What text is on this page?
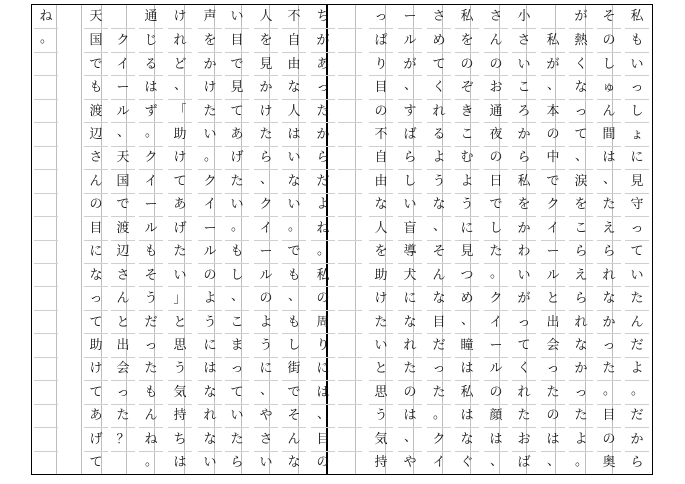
私
も
い
っ
し
ょ
に
見
守
っ
て
い
た
ん
だ
よ
。
だ
か
ら
そ
の
し
ゅ
ん
間
は
、
た
え
ら
れ
な
か
っ
た
。
目
の
奥
が
熱
く
な
っ
て
、
涙
を
こ
ら
え
ら
れ
な
か
っ
た
よ
。

私
が
、
本
の
中
で
ク
イ
ー
ル
と
出
会
っ
た
の
は
、
小
さ
い
こ
ろ
か
ら
私
を
か
わ
い
が
っ
て
く
れ
た
お
ば
さ
ん
の
お
通
夜
の
日
で
し
た
。
ク
イ
ー
ル
の
顔
は
、
私
を
の
ぞ
き
こ
む
よ
う
に
見
つ
め
、
瞳
は
私
は
な
ぐ
さ
め
て
く
れ
る
よ
う
な
、
そ
ん
な
目
だ
っ
た
。
ク
イ
ー
ル
が
、
す
ば
ら
し
い
盲
導
犬
に
な
れ
た
の
は
、
や
っ
ぱ
り
目
の
不
自
由
な
人
を
助
け
た
い
と
思
う
気
持
ち
が
あ
っ
た
か
ら
だ
よ
ね
。
私
の
周
り
に
は
、
目
の
不
自
由
な
人
は
い
な
い
。
で
も
、
も
し
街
で
そ
ん
な
人
を
見
か
け
た
ら
、
ク
イ
ー
ル
の
よ
う
に
、
や
さ
い
い
目
で
見
て
あ
げ
た
い
。
も
し
、
こ
ま
っ
て
い
た
ら
声
を
か
け
た
い
。
ク
イ
ー
ル
の
よ
う
に
は
な
れ
な
い
け
れ
ど
、
「
助
け
て
あ
げ
た
い
」
と
思
う
気
持
ち
は
通
じ
る
は
ず
。
ク
イ
ー
ル
も
そ
う
だ
っ
た
も
ん
ね
。

ク
イ
ー
ル
、
天
国
で
渡
辺
さ
ん
と
出
会
っ
た
？
天
国
で
も
渡
辺
さ
ん
の
目
に
な
っ
て
助
け
て
あ
げ
て
ね
。
